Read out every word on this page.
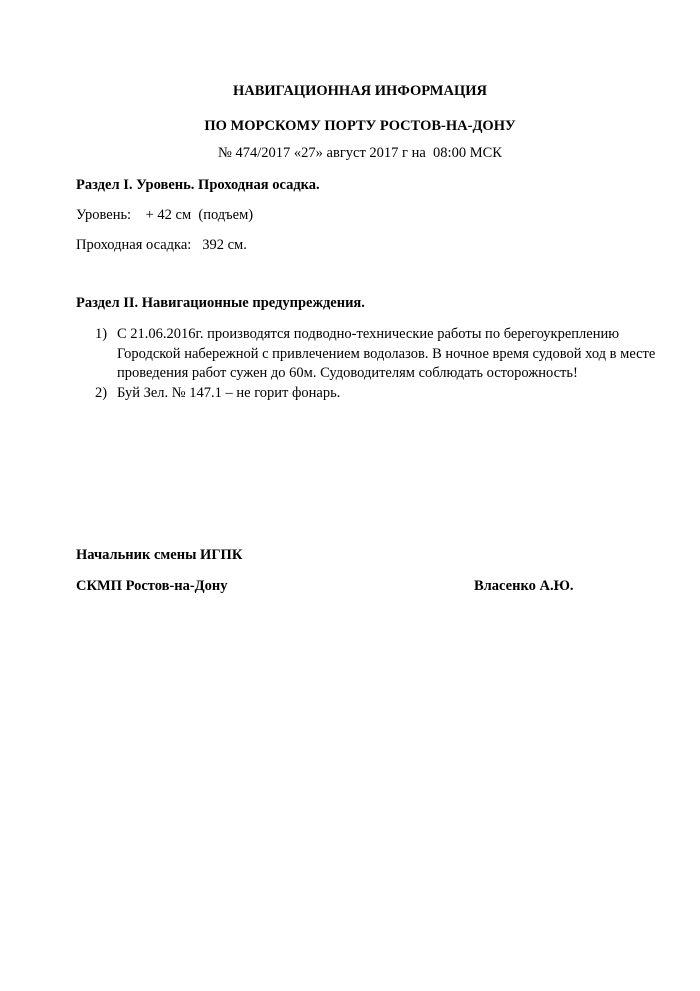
НАВИГАЦИОННАЯ ИНФОРМАЦИЯ
ПО МОРСКОМУ ПОРТУ РОСТОВ-НА-ДОНУ
№ 474/2017 «27» август 2017 г на  08:00 МСК
Раздел I. Уровень. Проходная осадка.
Уровень: + 42 см  (подъем)
Проходная осадка: 392 см.
Раздел II. Навигационные предупреждения.
1) С 21.06.2016г. производятся подводно-технические работы по берегоукреплению Городской набережной с привлечением водолазов. В ночное время судовой ход в месте проведения работ сужен до 60м. Судоводителям соблюдать осторожность!
2) Буй Зел. № 147.1 – не горит фонарь.
Начальник смены ИГПК
СКМП Ростов-на-Дону	Власенко А.Ю.
